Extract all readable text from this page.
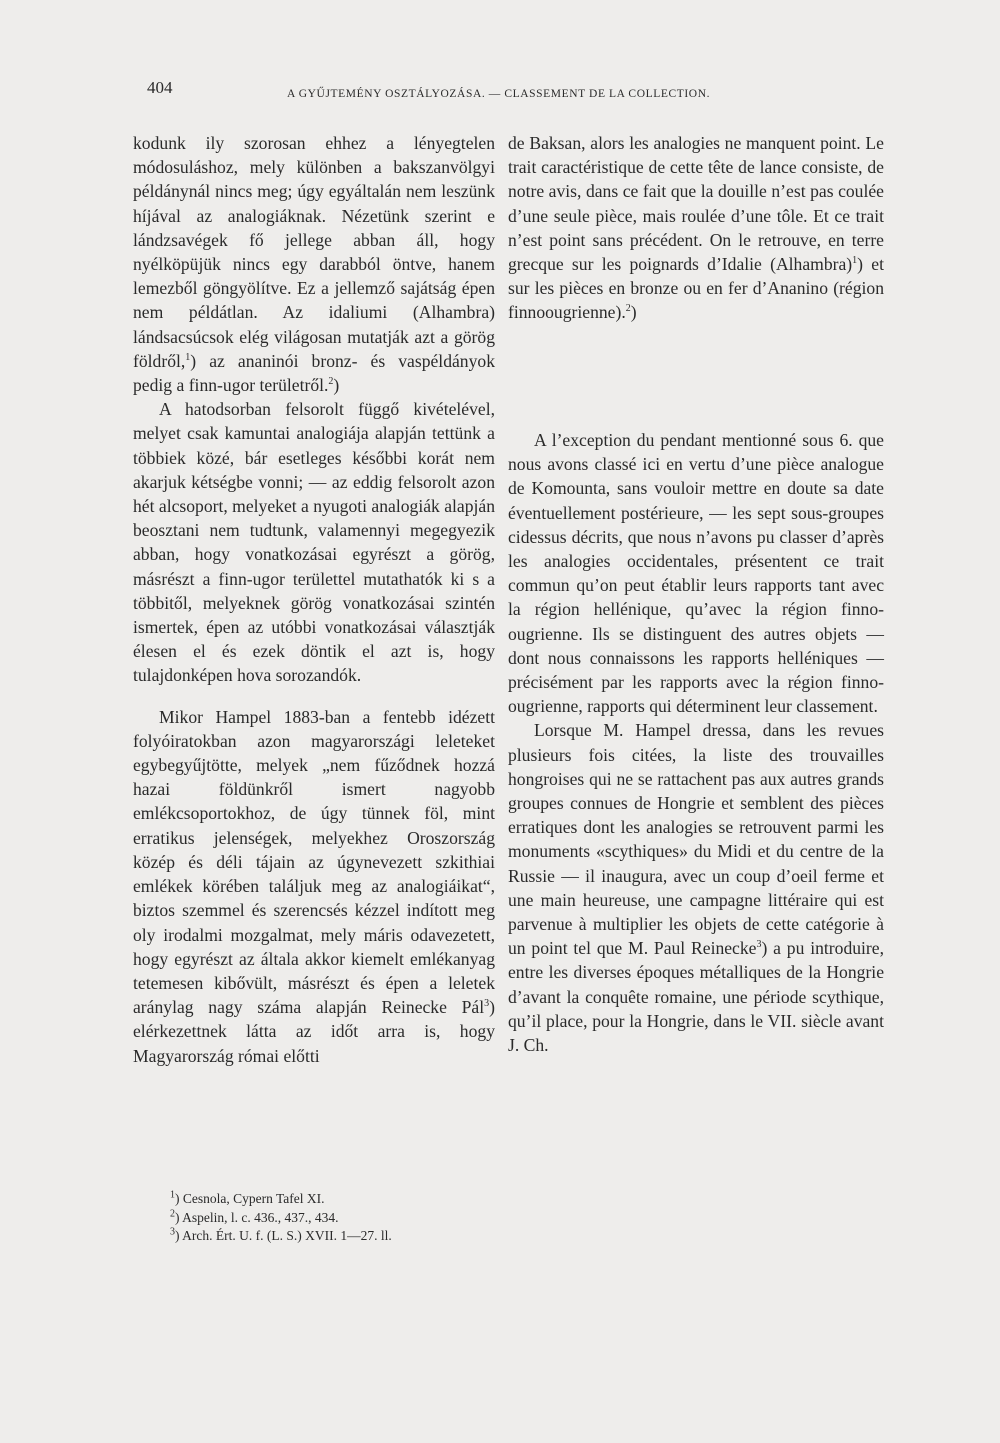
404	A GYŰJTEMÉNY OSZTÁLYOZÁSA. — CLASSEMENT DE LA COLLECTION.

kodunk ily szorosan ehhez a lényegtelen módosuláshoz, mely különben a bakszanvölgyi példánynál nincs meg; úgy egyáltalán nem leszünk híjával az analogiáknak. Nézetünk szerint e lándzsavégek fő jellege abban áll, hogy nyélköpüjük nincs egy darabból öntve, hanem lemezből göngyölítve. Ez a jellemző sajátság épen nem példátlan. Az idaliumi (Alhambra) lándsacsúcsok elég világosan mutatják azt a görög földről,$^1$) az ananinói bronz- és vaspéldányok pedig a finn-ugor területről.$^2$)

A hatodsorban felsorolt függő kivételével, melyet csak kamuntai analogiája alapján tettünk a többiek közé, bár esetleges későbbi korát nem akarjuk kétségbe vonni; — az eddig felsorolt azon hét alcsoport, melyeket a nyugoti analogiák alapján beosztani nem tudtunk, valamennyi megegyezik abban, hogy vonatkozásai egyrészt a görög, másrészt a finn-ugor területtel mutathatók ki s a többitől, melyeknek görög vonatkozásai szintén ismertek, épen az utóbbi vonatkozásai választják élesen el és ezek döntik el azt is, hogy tulajdonképen hova sorozandók.

Mikor Hampel 1883-ban a fentebb idézett folyóiratokban azon magyarországi leleteket egybegyűjtötte, melyek „nem fűződnek hozzá hazai földünkről ismert nagyobb emlékcsoportokhoz, de úgy tünnek föl, mint erratikus jelenségek, melyekhez Oroszország közép és déli tájain az úgynevezett szkithiai emlékek körében találjuk meg az analogiáikat“, biztos szemmel és szerencsés kézzel indított meg oly irodalmi mozgalmat, mely máris odavezetett, hogy egyrészt az általa akkor kiemelt emlékanyag tetemesen kibővült, másrészt és épen a leletek aránylag nagy száma alapján Reinecke Pál$^3$) elérkezettnek látta az időt arra is, hogy Magyarország római előtti

de Baksan, alors les analogies ne manquent point. Le trait caractéristique de cette tête de lance consiste, de notre avis, dans ce fait que la douille n’est pas coulée d’une seule pièce, mais roulée d’une tôle. Et ce trait n’est point sans précédent. On le retrouve, en terre grecque sur les poignards d’Idalie (Alhambra)$^1$) et sur les pièces en bronze ou en fer d’Ananino (région finnoougrienne).$^2$)

A l’exception du pendant mentionné sous 6. que nous avons classé ici en vertu d’une pièce analogue de Komounta, sans vouloir mettre en doute sa date éventuellement postérieure, — les sept sous-groupes cidessus décrits, que nous n’avons pu classer d’après les analogies occidentales, présentent ce trait commun qu’on peut établir leurs rapports tant avec la région hellénique, qu’avec la région finno-ougrienne. Ils se distinguent des autres objets — dont nous connaissons les rapports helléniques — précisément par les rapports avec la région finno-ougrienne, rapports qui déterminent leur classement.

Lorsque M. Hampel dressa, dans les revues plusieurs fois citées, la liste des trouvailles hongroises qui ne se rattachent pas aux autres grands groupes connues de Hongrie et semblent des pièces erratiques dont les analogies se retrouvent parmi les monuments «scythiques» du Midi et du centre de la Russie — il inaugura, avec un coup d’oeil ferme et une main heureuse, une campagne littéraire qui est parvenue à multiplier les objets de cette catégorie à un point tel que M. Paul Reinecke$^3$) a pu introduire, entre les diverses époques métalliques de la Hongrie d’avant la conquête romaine, une période scythique, qu’il place, pour la Hongrie, dans le VII. siècle avant J. Ch.

$^1$) Cesnola, Cypern Tafel XI.
$^2$) Aspelin, l. c. 436., 437., 434.
$^3$) Arch. Ért. U. f. (L. S.) XVII. 1—27. ll.
